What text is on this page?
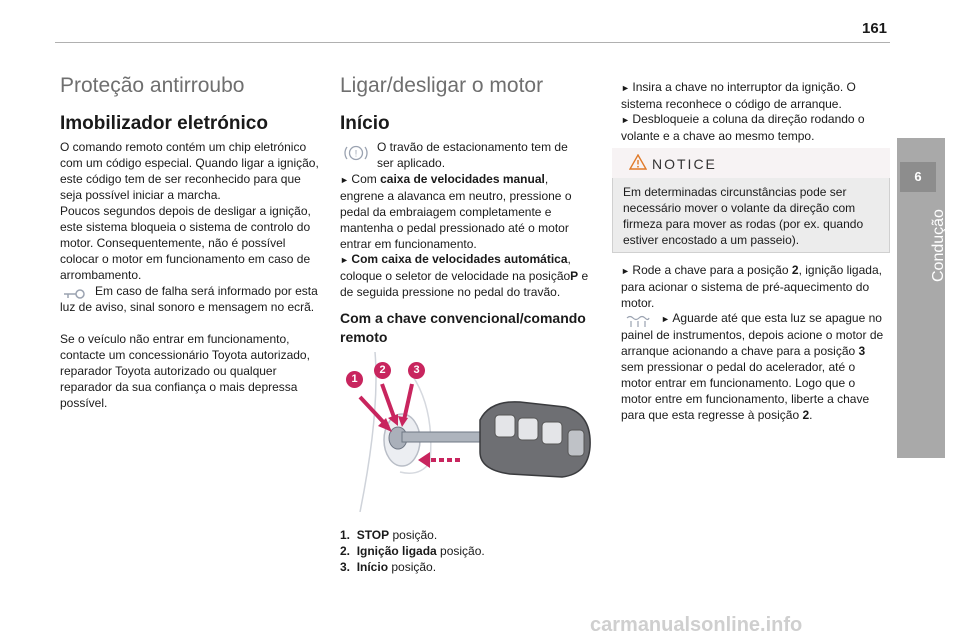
161
6
Condução
Proteção antirroubo
Imobilizador eletrónico

O comando remoto contém um chip eletrónico com um código especial. Quando ligar a ignição, este código tem de ser reconhecido para que seja possível iniciar a marcha.

Poucos segundos depois de desligar a ignição, este sistema bloqueia o sistema de controlo do motor. Consequentemente, não é possível colocar o motor em funcionamento em caso de arrombamento.

Em caso de falha será informado por esta luz de aviso, sinal sonoro e mensagem no ecrã.
Se o veículo não entrar em funcionamento, contacte um concessionário Toyota autorizado, reparador Toyota autorizado ou qualquer reparador da sua confiança o mais depressa possível.
Ligar/desligar o motor
Início
! O travão de estacionamento tem de ser aplicado.
► Com caixa de velocidades manual, engrene a alavanca em neutro, pressione o pedal da embraiagem completamente e mantenha o pedal pressionado até o motor entrar em funcionamento.
► Com caixa de velocidades automática, coloque o seletor de velocidade na posiçãoP e de seguida pressione no pedal do travão.
Com a chave convencional/comando remoto
1
2	3
1. STOP posição.
2. Ignição ligada posição.
3. Início posição.
► Insira a chave no interruptor da ignição. O sistema reconhece o código de arranque.
► Desbloqueie a coluna da direção rodando o volante e a chave ao mesmo tempo.
NOTICE
Em determinadas circunstâncias pode ser necessário mover o volante da direção com firmeza para mover as rodas (por ex. quando estiver encostado a um passeio).
► Rode a chave para a posição 2, ignição ligada, para acionar o sistema de pré-aquecimento do motor.
► Aguarde até que esta luz se apague no painel de instrumentos, depois acione o motor de arranque acionando a chave para a posição 3 sem pressionar o pedal do acelerador, até o motor entrar em funcionamento. Logo que o motor entre em funcionamento, liberte a chave para que esta regresse à posição 2.
carmanualsonline.info
